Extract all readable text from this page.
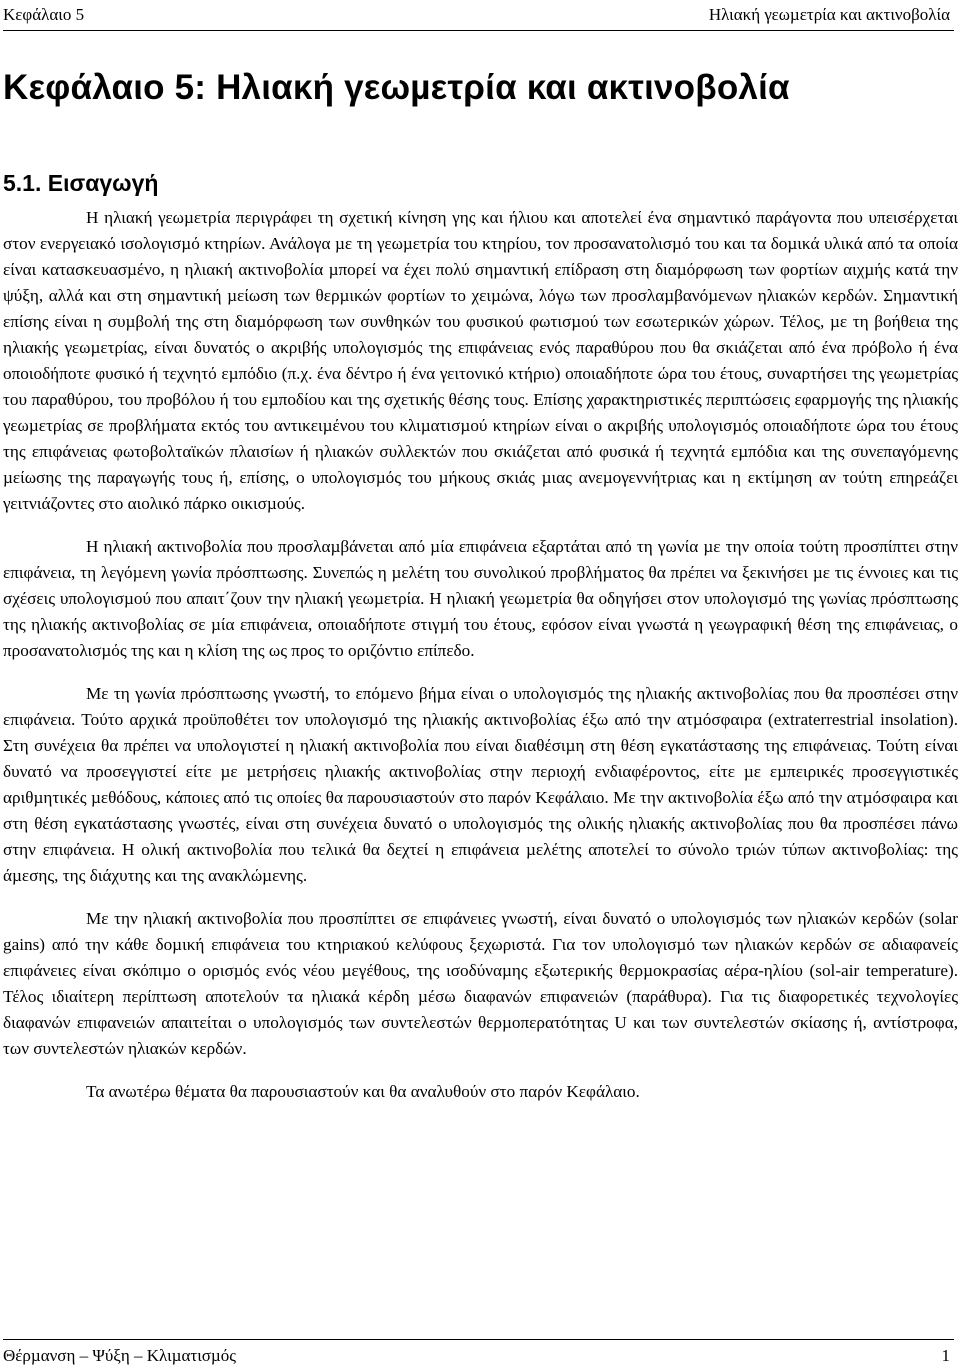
Κεφάλαιο 5	Ηλιακή γεωµετρία και ακτινοβολία
Κεφάλαιο 5: Ηλιακή γεωµετρία και ακτινοβολία
5.1. Εισαγωγή

Η ηλιακή γεωµετρία περιγράφει τη σχετική κίνηση γης και ήλιου και αποτελεί ένα σηµαντικό παράγοντα που υπεισέρχεται στον ενεργειακό ισολογισµό κτηρίων. Ανάλογα µε τη γεωµετρία του κτηρίου, τον προσανατολισµό του και τα δοµικά υλικά από τα οποία είναι κατασκευασµένο, η ηλιακή ακτινοβολία µπορεί να έχει πολύ σηµαντική επίδραση στη διαµόρφωση των φορτίων αιχµής κατά την ψύξη, αλλά και στη σηµαντική µείωση των θερµικών φορτίων το χειµώνα, λόγω των προσλαµβανόµενων ηλιακών κερδών. Σηµαντική επίσης είναι η συµβολή της στη διαµόρφωση των συνθηκών του φυσικού φωτισµού των εσωτερικών χώρων. Τέλος, µε τη βοήθεια της ηλιακής γεωµετρίας, είναι δυνατός ο ακριβής υπολογισµός της επιφάνειας ενός παραθύρου που θα σκιάζεται από ένα πρόβολο ή ένα οποιοδήποτε φυσικό ή τεχνητό εµπόδιο (π.χ. ένα δέντρο ή ένα γειτονικό κτήριο) οποιαδήποτε ώρα του έτους, συναρτήσει της γεωµετρίας του παραθύρου, του προβόλου ή του εµποδίου και της σχετικής θέσης τους. Επίσης χαρακτηριστικές περιπτώσεις εφαρµογής της ηλιακής γεωµετρίας σε προβλήµατα εκτός του αντικειµένου του κλιµατισµού κτηρίων είναι ο ακριβής υπολογισµός οποιαδήποτε ώρα του έτους της επιφάνειας φωτοβολταϊκών πλαισίων ή ηλιακών συλλεκτών που σκιάζεται από φυσικά ή τεχνητά εµπόδια και της συνεπαγόµενης µείωσης της παραγωγής τους ή, επίσης, ο υπολογισµός του µήκους σκιάς µιας ανεµογεννήτριας και η εκτίµηση αν τούτη επηρεάζει γειτνιάζοντες στο αιολικό πάρκο οικισµούς.

Η ηλιακή ακτινοβολία που προσλαµβάνεται από µία επιφάνεια εξαρτάται από τη γωνία µε την οποία τούτη προσπίπτει στην επιφάνεια, τη λεγόµενη γωνία πρόσπτωσης. Συνεπώς η µελέτη του συνολικού προβλήµατος θα πρέπει να ξεκινήσει µε τις έννοιες και τις σχέσεις υπολογισµού που απαιτ΄ζουν την ηλιακή γεωµετρία. Η ηλιακή γεωµετρία θα οδηγήσει στον υπολογισµό της γωνίας πρόσπτωσης της ηλιακής ακτινοβολίας σε µία επιφάνεια, οποιαδήποτε στιγµή του έτους, εφόσον είναι γνωστά η γεωγραφική θέση της επιφάνειας, ο προσανατολισµός της και η κλίση της ως προς το οριζόντιο επίπεδο.

Με τη γωνία πρόσπτωσης γνωστή, το επόµενο βήµα είναι ο υπολογισµός της ηλιακής ακτινοβολίας που θα προσπέσει στην επιφάνεια. Τούτο αρχικά προϋποθέτει τον υπολογισµό της ηλιακής ακτινοβολίας έξω από την ατµόσφαιρα (extraterrestrial insolation). Στη συνέχεια θα πρέπει να υπολογιστεί η ηλιακή ακτινοβολία που είναι διαθέσιµη στη θέση εγκατάστασης της επιφάνειας. Τούτη είναι δυνατό να προσεγγιστεί είτε µε µετρήσεις ηλιακής ακτινοβολίας στην περιοχή ενδιαφέροντος, είτε µε εµπειρικές προσεγγιστικές αριθµητικές µεθόδους, κάποιες από τις οποίες θα παρουσιαστούν στο παρόν Κεφάλαιο. Με την ακτινοβολία έξω από την ατµόσφαιρα και στη θέση εγκατάστασης γνωστές, είναι στη συνέχεια δυνατό ο υπολογισµός της ολικής ηλιακής ακτινοβολίας που θα προσπέσει πάνω στην επιφάνεια. Η ολική ακτινοβολία που τελικά θα δεχτεί η επιφάνεια µελέτης αποτελεί το σύνολο τριών τύπων ακτινοβολίας: της άµεσης, της διάχυτης και της ανακλώµενης.

Με την ηλιακή ακτινοβολία που προσπίπτει σε επιφάνειες γνωστή, είναι δυνατό ο υπολογισµός των ηλιακών κερδών (solar gains) από την κάθε δοµική επιφάνεια του κτηριακού κελύφους ξεχωριστά. Για τον υπολογισµό των ηλιακών κερδών σε αδιαφανείς επιφάνειες είναι σκόπιµο ο ορισµός ενός νέου µεγέθους, της ισοδύναµης εξωτερικής θερµοκρασίας αέρα-ηλίου (sol-air temperature). Τέλος ιδιαίτερη περίπτωση αποτελούν τα ηλιακά κέρδη µέσω διαφανών επιφανειών (παράθυρα). Για τις διαφορετικές τεχνολογίες διαφανών επιφανειών απαιτείται ο υπολογισµός των συντελεστών θερµοπερατότητας U και των συντελεστών σκίασης ή, αντίστροφα, των συντελεστών ηλιακών κερδών.

Τα ανωτέρω θέµατα θα παρουσιαστούν και θα αναλυθούν στο παρόν Κεφάλαιο.

Θέρµανση – Ψύξη – Κλιµατισµός	1
